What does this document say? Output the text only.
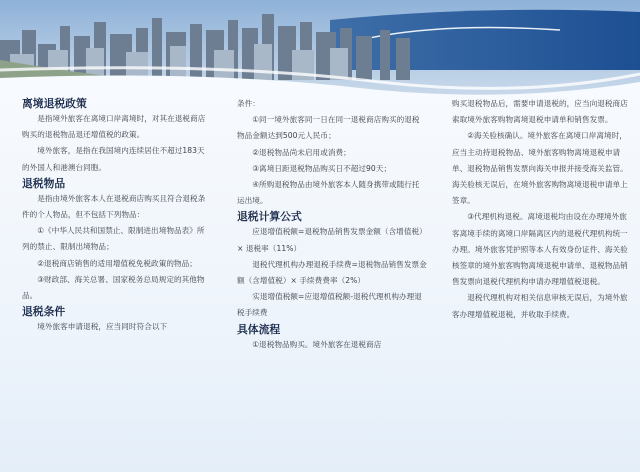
离境退税政策

是指境外旅客在离境口岸离境时，对其在退税商店购买的退税物品退还增值税的政策。

境外旅客，是指在我国境内连续居住不超过183天的外国人和港澳台同胞。

退税物品

是指由境外旅客本人在退税商店购买且符合退税条件的个人物品，但不包括下列物品：

①《中华人民共和国禁止、限制进出境物品表》所列的禁止、限制出境物品；

②退税商店销售的适用增值税免税政策的物品；

③财政部、海关总署、国家税务总局规定的其他物品。

退税条件

境外旅客申请退税，应当同时符合以下

条件：

①同一境外旅客同一日在同一退税商店购买的退税物品金额达到500元人民币；

②退税物品尚未启用或消费；

③离境日距退税物品购买日不超过90天；

④所购退税物品由境外旅客本人随身携带或随行托运出境。

退税计算公式

应退增值税额=退税物品销售发票金额（含增值税）× 退税率（11%）

退税代理机构办理退税手续费=退税物品销售发票金额（含增值税）× 手续费费率（2%）

实退增值税额=应退增值税额-退税代理机构办理退税手续费

具体流程

①退税物品购买。境外旅客在退税商店

购买退税物品后，需要申请退税的，应当向退税商店索取境外旅客购物离境退税申请单和销售发票。

②海关验核确认。境外旅客在离境口岸离境时，应当主动持退税物品、境外旅客购物离境退税申请单、退税物品销售发票向海关申报并接受海关监管。海关验核无误后，在境外旅客购物离境退税申请单上签章。

③代理机构退税。离境退税均由设在办理境外旅客离境手续的离境口岸隔离区内的退税代理机构统一办理。境外旅客凭护照等本人有效身份证件、海关验核签章的境外旅客购物离境退税申请单、退税物品销售发票向退税代理机构申请办理增值税退税。

退税代理机构对相关信息审核无误后，为境外旅客办理增值税退税，并收取手续费。
